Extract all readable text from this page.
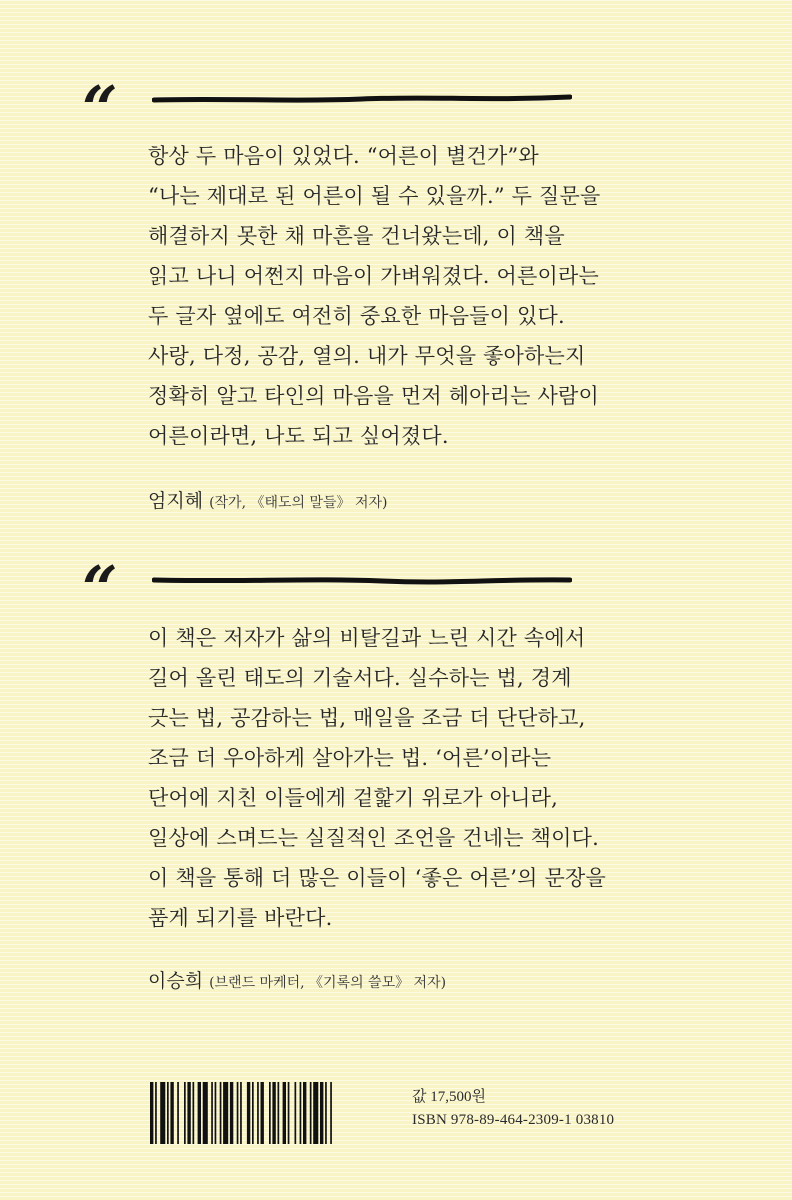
“
항상 두 마음이 있었다. “어른이 별건가”와
“나는 제대로 된 어른이 될 수 있을까.” 두 질문을
해결하지 못한 채 마흔을 건너왔는데, 이 책을
읽고 나니 어쩐지 마음이 가벼워졌다. 어른이라는
두 글자 옆에도 여전히 중요한 마음들이 있다.
사랑, 다정, 공감, 열의. 내가 무엇을 좋아하는지
정확히 알고 타인의 마음을 먼저 헤아리는 사람이
어른이라면, 나도 되고 싶어졌다.
엄지혜 (작가, 《태도의 말들》 저자)
“
이 책은 저자가 삶의 비탈길과 느린 시간 속에서
길어 올린 태도의 기술서다. 실수하는 법, 경계
긋는 법, 공감하는 법, 매일을 조금 더 단단하고,
조금 더 우아하게 살아가는 법. ‘어른’이라는
단어에 지친 이들에게 겉핥기 위로가 아니라,
일상에 스며드는 실질적인 조언을 건네는 책이다.
이 책을 통해 더 많은 이들이 ‘좋은 어른’의 문장을
품게 되기를 바란다.
이승희 (브랜드 마케터, 《기록의 쓸모》 저자)
값 17,500원
ISBN 978-89-464-2309-1 03810
